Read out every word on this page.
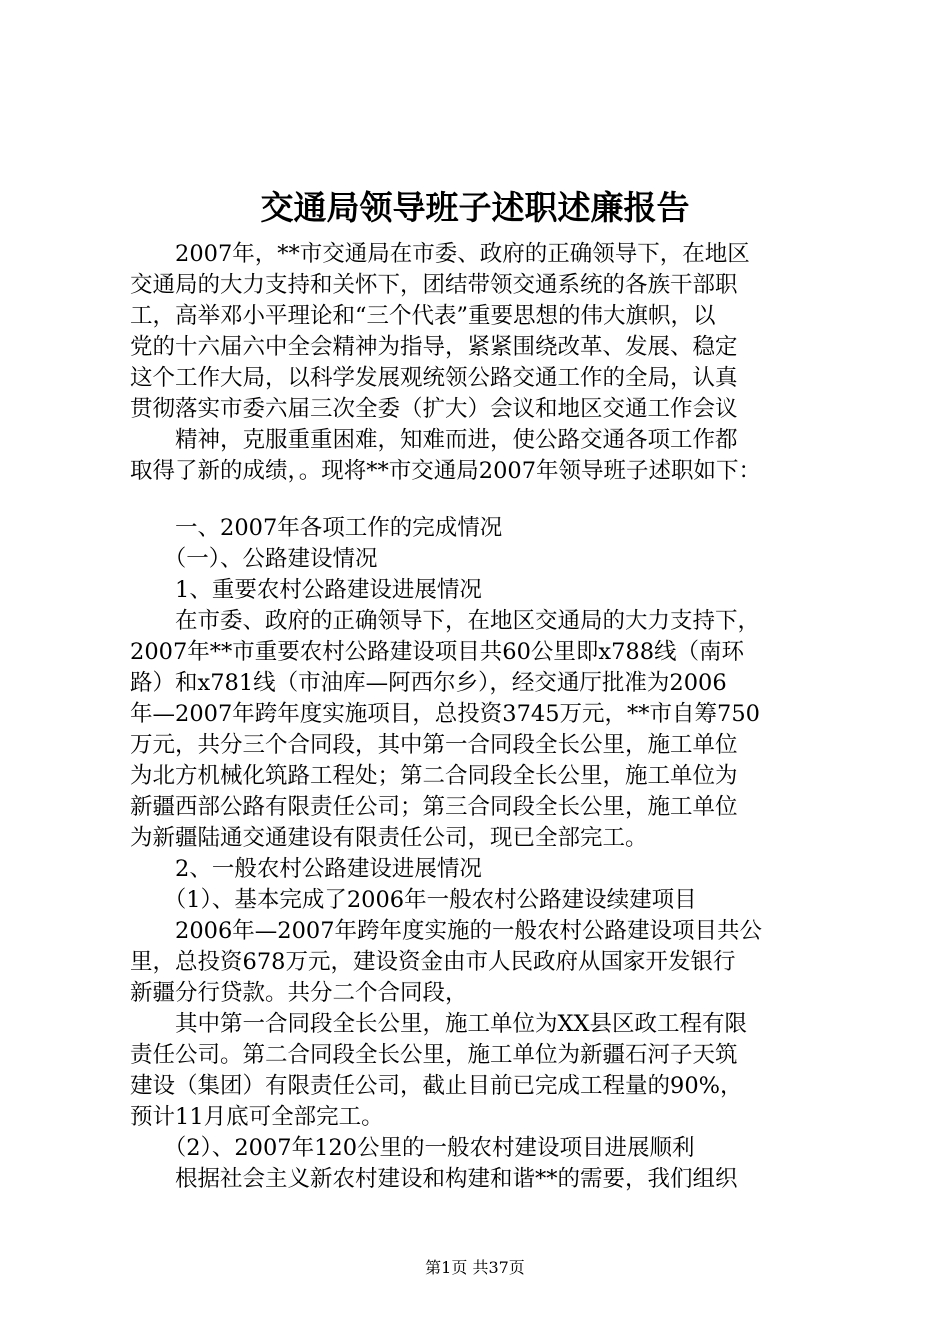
交通局领导班子述职述廉报告

　　2007年，**市交通局在市委、政府的正确领导下，在地区

交通局的大力支持和关怀下，团结带领交通系统的各族干部职

工，高举邓小平理论和“三个代表”重要思想的伟大旗帜，以

党的十六届六中全会精神为指导，紧紧围绕改革、发展、稳定

这个工作大局，以科学发展观统领公路交通工作的全局，认真

贯彻落实市委六届三次全委（扩大）会议和地区交通工作会议

　　精神，克服重重困难，知难而进，使公路交通各项工作都

取得了新的成绩，。现将**市交通局2007年领导班子述职如下：

　　一、2007年各项工作的完成情况

　　（一）、公路建设情况

　　1、重要农村公路建设进展情况

　　在市委、政府的正确领导下，在地区交通局的大力支持下，

2007年**市重要农村公路建设项目共60公里即x788线（南环

路）和x781线（市油库—阿西尔乡），经交通厅批准为2006

年—2007年跨年度实施项目，总投资3745万元，**市自筹750

万元，共分三个合同段，其中第一合同段全长公里，施工单位

为北方机械化筑路工程处；第二合同段全长公里，施工单位为

新疆西部公路有限责任公司；第三合同段全长公里，施工单位

为新疆陆通交通建设有限责任公司，现已全部完工。

　　2、一般农村公路建设进展情况

　　（1）、基本完成了2006年一般农村公路建设续建项目

　　2006年—2007年跨年度实施的一般农村公路建设项目共公

里，总投资678万元，建设资金由市人民政府从国家开发银行

新疆分行贷款。共分二个合同段，

　　其中第一合同段全长公里，施工单位为XX县区政工程有限

责任公司。第二合同段全长公里，施工单位为新疆石河子天筑

建设（集团）有限责任公司，截止目前已完成工程量的90%，

预计11月底可全部完工。

　　（2）、2007年120公里的一般农村建设项目进展顺利

　　根据社会主义新农村建设和构建和谐**的需要，我们组织

第1页 共37页
